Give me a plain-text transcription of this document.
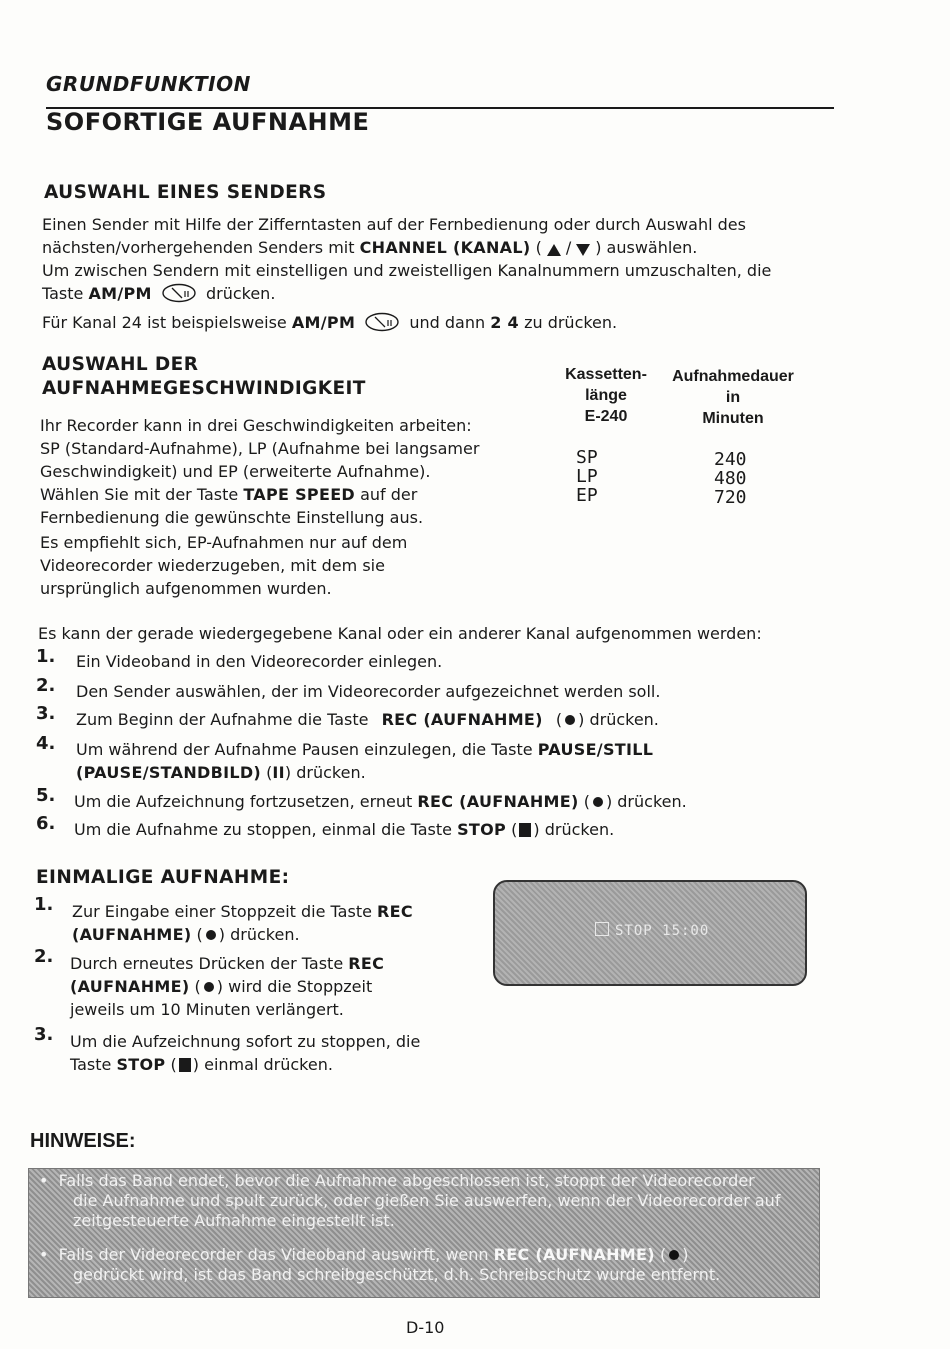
GRUNDFUNKTION
SOFORTIGE AUFNAHME
AUSWAHL EINES SENDERS
Einen Sender mit Hilfe der Zifferntasten auf der Fernbedienung oder durch Auswahl des
nächsten/vorhergehenden Senders mit CHANNEL (KANAL) ( / ) auswählen.
Um zwischen Sendern mit einstelligen und zweistelligen Kanalnummern umzuschalten, die
Taste AM/PM	drücken.
Für Kanal 24 ist beispielsweise AM/PM	und dann 2 4 zu drücken.
AUSWAHL DER
AUFNAHMEGESCHWINDIGKEIT
Ihr Recorder kann in drei Geschwindigkeiten arbeiten:
SP (Standard-Aufnahme), LP (Aufnahme bei langsamer
Geschwindigkeit) und EP (erweiterte Aufnahme).
Wählen Sie mit der Taste TAPE SPEED auf der
Fernbedienung die gewünschte Einstellung aus.
Es empfiehlt sich, EP-Aufnahmen nur auf dem
Videorecorder wiederzugeben, mit dem sie
ursprünglich aufgenommen wurden.
Kassetten-
länge
E-240
Aufnahmedauer
in
Minuten
SP
LP
EP
240
480
720
Es kann der gerade wiedergegebene Kanal oder ein anderer Kanal aufgenommen werden:
1. Ein Videoband in den Videorecorder einlegen.
2. Den Sender auswählen, der im Videorecorder aufgezeichnet werden soll.
3. Zum Beginn der Aufnahme die Taste REC (AUFNAHME) ( ) drücken.
4. Um während der Aufnahme Pausen einzulegen, die Taste PAUSE/STILL
(PAUSE/STANDBILD) (II) drücken.
5. Um die Aufzeichnung fortzusetzen, erneut REC (AUFNAHME) ( ) drücken.
6. Um die Aufnahme zu stoppen, einmal die Taste STOP ( ) drücken.
EINMALIGE AUFNAHME:
1. Zur Eingabe einer Stoppzeit die Taste REC
(AUFNAHME) ( ) drücken.
2. Durch erneutes Drücken der Taste REC
(AUFNAHME) ( ) wird die Stoppzeit
jeweils um 10 Minuten verlängert.
3. Um die Aufzeichnung sofort zu stoppen, die
Taste STOP ( ) einmal drücken.
STOP 15:00
HINWEISE:
•  Falls das Band endet, bevor die Aufnahme abgeschlossen ist, stoppt der Videorecorder
die Aufnahme und spult zurück, oder gießen Sie auswerfen, wenn der Videorecorder auf
zeitgesteuerte Aufnahme eingestellt ist.
•  Falls der Videorecorder das Videoband auswirft, wenn REC (AUFNAHME) ( )
gedrückt wird, ist das Band schreibgeschützt, d.h. Schreibschutz wurde entfernt.
D-10
